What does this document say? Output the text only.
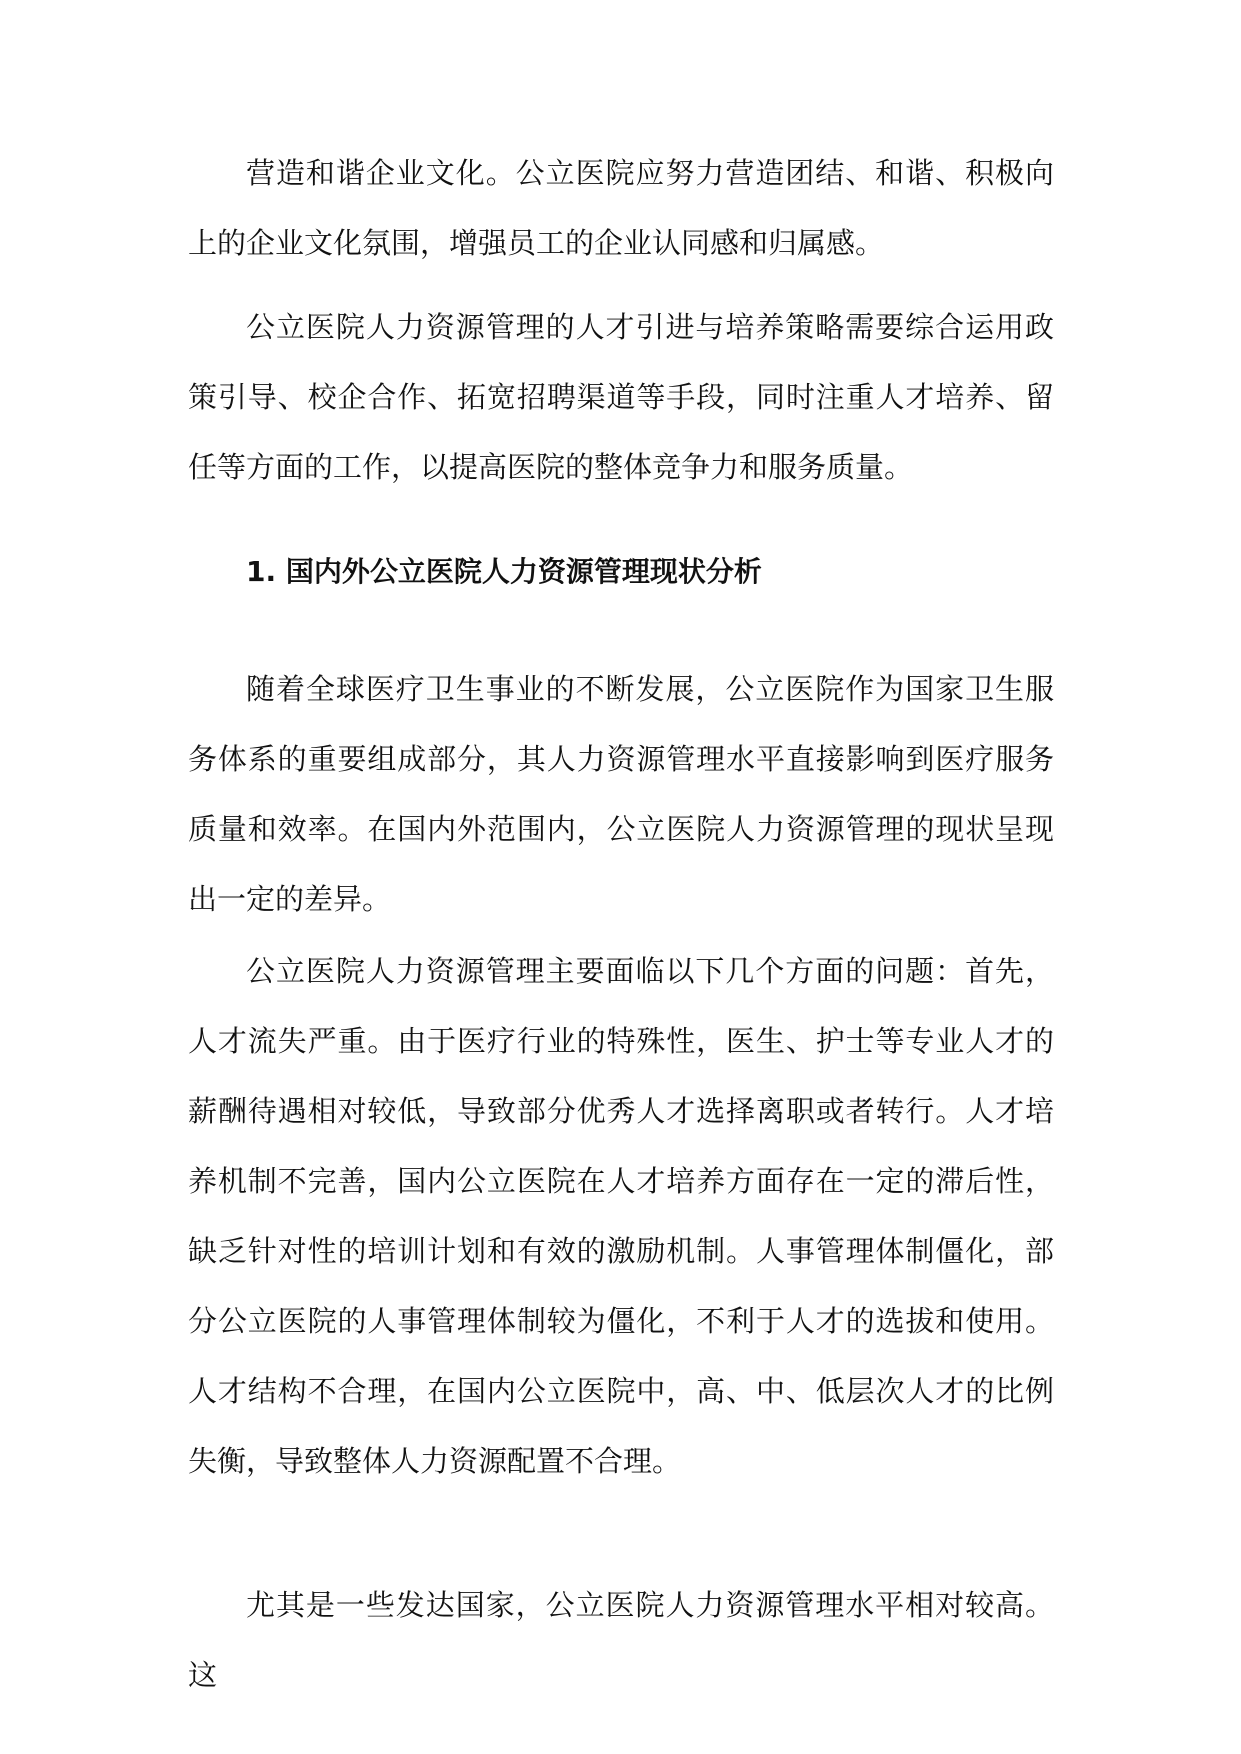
营造和谐企业文化。公立医院应努力营造团结、和谐、积极向上的企业文化氛围，增强员工的企业认同感和归属感。

公立医院人力资源管理的人才引进与培养策略需要综合运用政策引导、校企合作、拓宽招聘渠道等手段，同时注重人才培养、留任等方面的工作，以提高医院的整体竞争力和服务质量。

1. 国内外公立医院人力资源管理现状分析

随着全球医疗卫生事业的不断发展，公立医院作为国家卫生服务体系的重要组成部分，其人力资源管理水平直接影响到医疗服务质量和效率。在国内外范围内，公立医院人力资源管理的现状呈现出一定的差异。

公立医院人力资源管理主要面临以下几个方面的问题：首先，人才流失严重。由于医疗行业的特殊性，医生、护士等专业人才的薪酬待遇相对较低，导致部分优秀人才选择离职或者转行。人才培养机制不完善，国内公立医院在人才培养方面存在一定的滞后性，缺乏针对性的培训计划和有效的激励机制。人事管理体制僵化，部分公立医院的人事管理体制较为僵化，不利于人才的选拔和使用。人才结构不合理，在国内公立医院中，高、中、低层次人才的比例失衡，导致整体人力资源配置不合理。

尤其是一些发达国家，公立医院人力资源管理水平相对较高。这
